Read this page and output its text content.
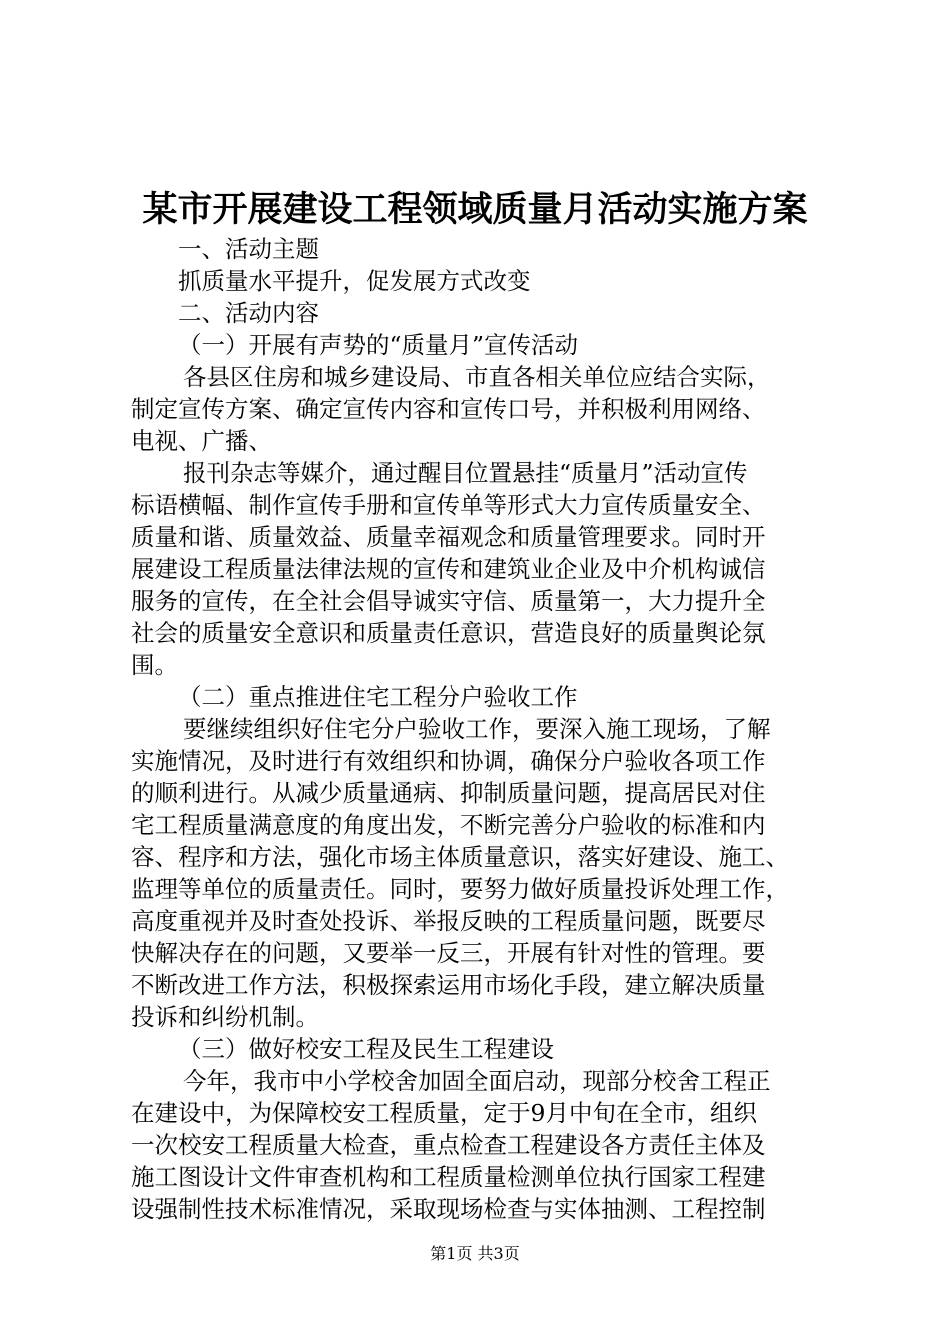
某市开展建设工程领域质量月活动实施方案
一、活动主题
抓质量水平提升，促发展方式改变
二、活动内容
（一）开展有声势的“质量月”宣传活动
各县区住房和城乡建设局、市直各相关单位应结合实际，
制定宣传方案、确定宣传内容和宣传口号，并积极利用网络、
电视、广播、
报刊杂志等媒介，通过醒目位置悬挂“质量月”活动宣传
标语横幅、制作宣传手册和宣传单等形式大力宣传质量安全、
质量和谐、质量效益、质量幸福观念和质量管理要求。同时开
展建设工程质量法律法规的宣传和建筑业企业及中介机构诚信
服务的宣传，在全社会倡导诚实守信、质量第一，大力提升全
社会的质量安全意识和质量责任意识，营造良好的质量舆论氛
围。
（二）重点推进住宅工程分户验收工作
要继续组织好住宅分户验收工作，要深入施工现场，了解
实施情况，及时进行有效组织和协调，确保分户验收各项工作
的顺利进行。从减少质量通病、抑制质量问题，提高居民对住
宅工程质量满意度的角度出发，不断完善分户验收的标准和内
容、程序和方法，强化市场主体质量意识，落实好建设、施工、
监理等单位的质量责任。同时，要努力做好质量投诉处理工作，
高度重视并及时查处投诉、举报反映的工程质量问题，既要尽
快解决存在的问题，又要举一反三，开展有针对性的管理。要
不断改进工作方法，积极探索运用市场化手段，建立解决质量
投诉和纠纷机制。
（三）做好校安工程及民生工程建设
今年，我市中小学校舍加固全面启动，现部分校舍工程正
在建设中，为保障校安工程质量，定于9月中旬在全市，组织
一次校安工程质量大检查，重点检查工程建设各方责任主体及
施工图设计文件审查机构和工程质量检测单位执行国家工程建
设强制性技术标准情况，采取现场检查与实体抽测、工程控制
第1页 共3页
